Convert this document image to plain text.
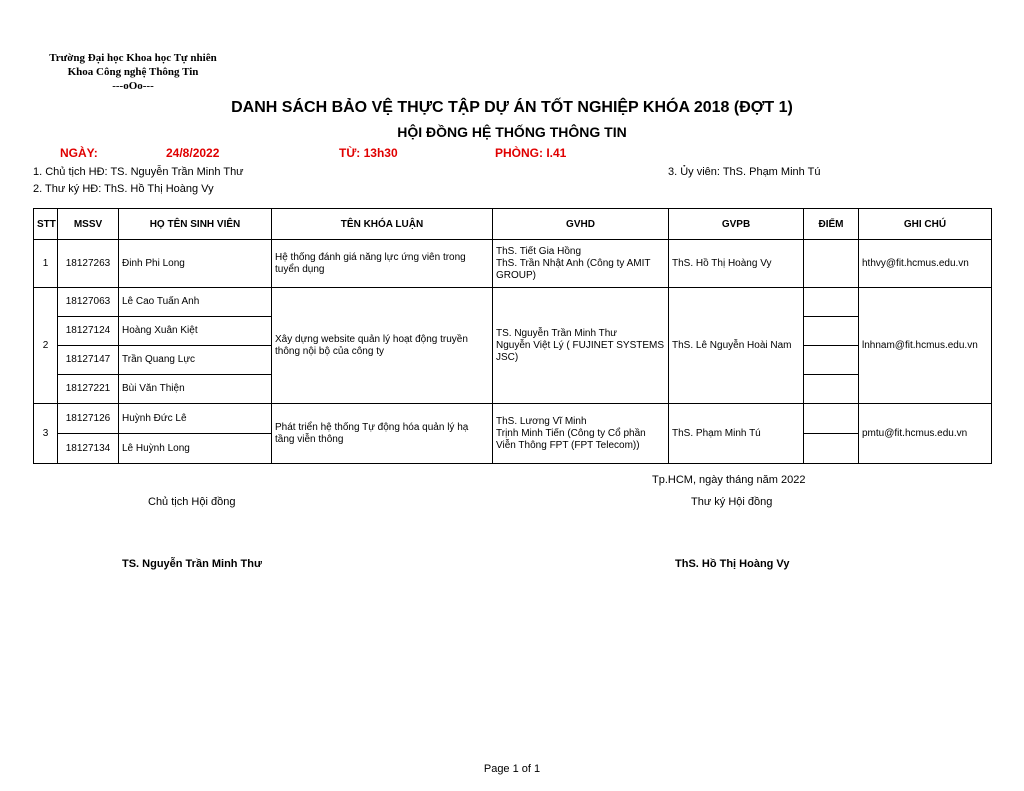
Trường Đại học Khoa học Tự nhiên
Khoa Công nghệ Thông Tin
---oOo---
DANH SÁCH BẢO VỆ THỰC TẬP DỰ ÁN TỐT NGHIỆP KHÓA 2018 (ĐỢT 1)
HỘI ĐỒNG HỆ THỐNG THÔNG TIN
NGÀY:	24/8/2022	TỪ: 13h30	PHÒNG: I.41
1. Chủ tịch HĐ: TS. Nguyễn Trần Minh Thư	3. Ủy viên: ThS. Phạm Minh Tú
2. Thư ký HĐ: ThS. Hồ Thị Hoàng Vy
STT	MSSV	HỌ TÊN SINH VIÊN	TÊN KHÓA LUẬN	GVHD	GVPB	ĐIỂM	GHI CHÚ
1	18127263	Đinh Phi Long	Hệ thống đánh giá năng lực ứng viên trong tuyển dụng	ThS. Tiết Gia Hồng
ThS. Trần Nhật Anh (Công ty AMIT GROUP)	ThS. Hồ Thị Hoàng Vy		hthvy@fit.hcmus.edu.vn
2	18127063	Lê Cao Tuấn Anh	Xây dựng website quản lý hoạt động truyền thông nội bộ của công ty	TS. Nguyễn Trần Minh Thư
Nguyễn Việt Lý ( FUJINET SYSTEMS JSC)	ThS. Lê Nguyễn Hoài Nam		lnhnam@fit.hcmus.edu.vn
	18127124	Hoàng Xuân Kiệt					
	18127147	Trần Quang Lực					
	18127221	Bùi Văn Thiện					
3	18127126	Huỳnh Đức Lê	Phát triển hệ thống Tự động hóa quản lý hạ tầng viễn thông	ThS. Lương Vĩ Minh
Trịnh Minh Tiến (Công ty Cổ phần Viễn Thông FPT (FPT Telecom))	ThS. Phạm Minh Tú		pmtu@fit.hcmus.edu.vn
	18127134	Lê Huỳnh Long					
Tp.HCM, ngày tháng năm 2022
Chủ tịch Hội đồng	Thư ký Hội đồng
TS. Nguyễn Trần Minh Thư	ThS. Hồ Thị Hoàng Vy
Page 1 of 1
